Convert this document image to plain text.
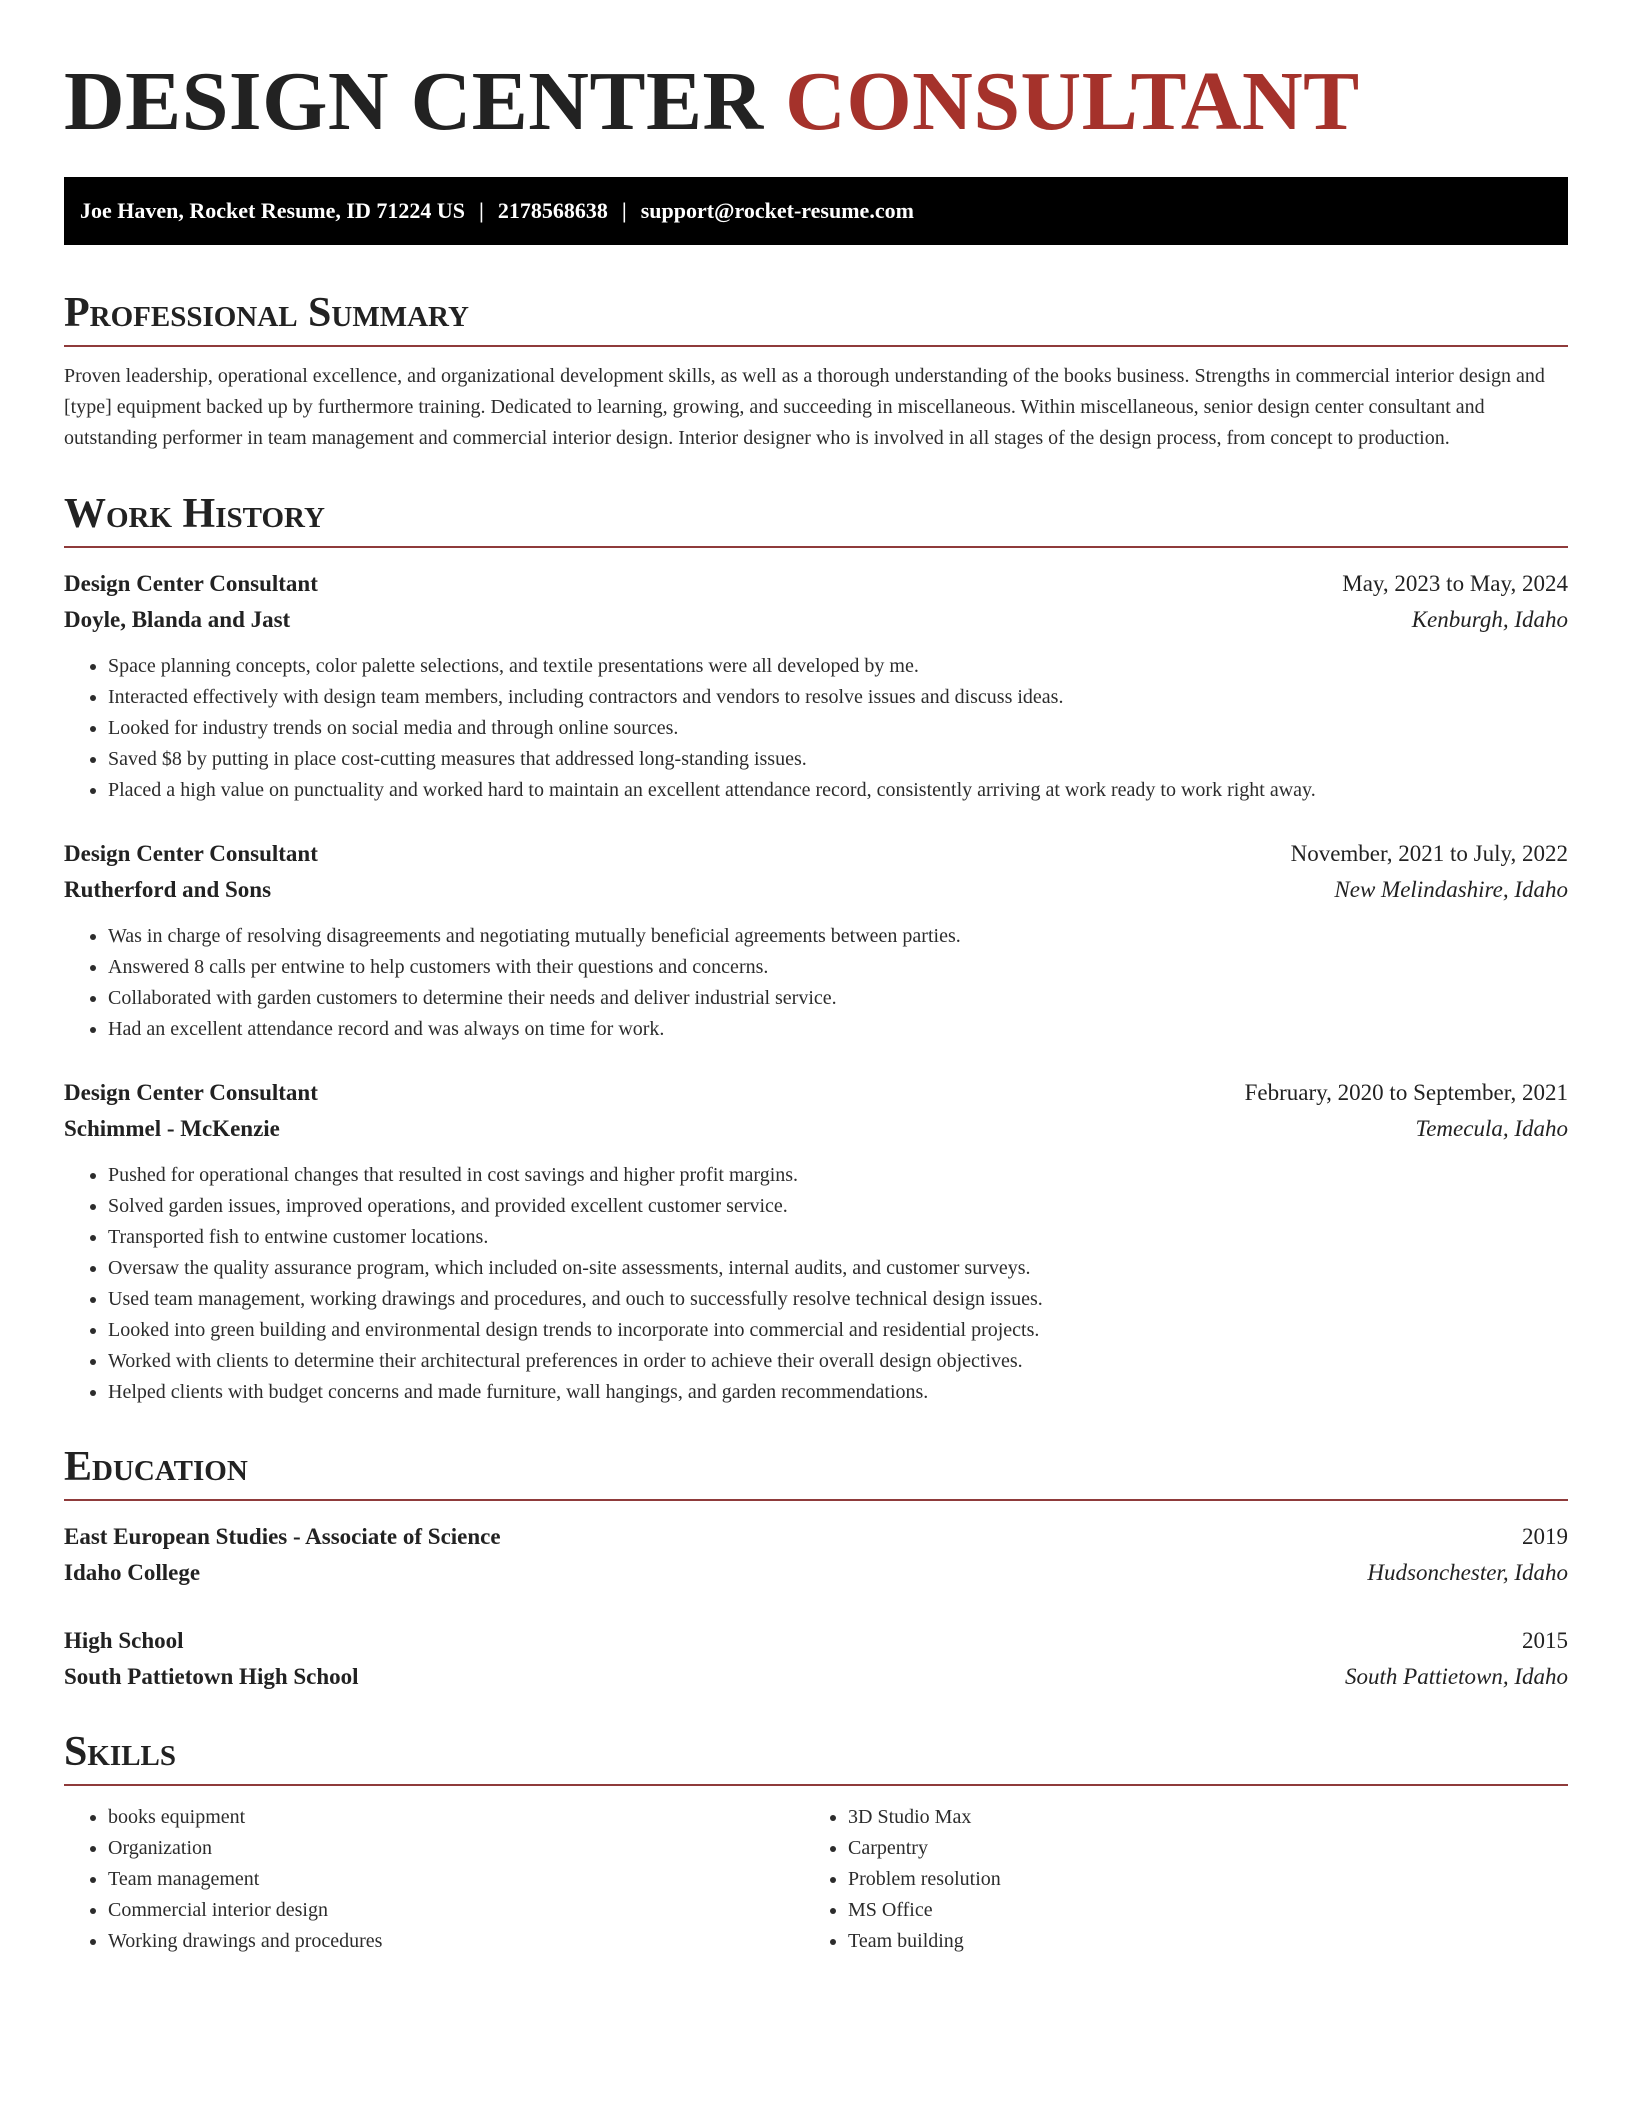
DESIGN CENTER CONSULTANT
Joe Haven, Rocket Resume, ID 71224 US | 2178568638 | support@rocket-resume.com
Professional Summary

Proven leadership, operational excellence, and organizational development skills, as well as a thorough understanding of the books business. Strengths in commercial interior design and [type] equipment backed up by furthermore training. Dedicated to learning, growing, and succeeding in miscellaneous. Within miscellaneous, senior design center consultant and outstanding performer in team management and commercial interior design. Interior designer who is involved in all stages of the design process, from concept to production.

Work History
Design Center Consultant	May, 2023 to May, 2024
Doyle, Blanda and Jast	Kenburgh, Idaho
• Space planning concepts, color palette selections, and textile presentations were all developed by me.
• Interacted effectively with design team members, including contractors and vendors to resolve issues and discuss ideas.
• Looked for industry trends on social media and through online sources.
• Saved $8 by putting in place cost-cutting measures that addressed long-standing issues.
• Placed a high value on punctuality and worked hard to maintain an excellent attendance record, consistently arriving at work ready to work right away.
Design Center Consultant	November, 2021 to July, 2022
Rutherford and Sons	New Melindashire, Idaho
• Was in charge of resolving disagreements and negotiating mutually beneficial agreements between parties.
• Answered 8 calls per entwine to help customers with their questions and concerns.
• Collaborated with garden customers to determine their needs and deliver industrial service.
• Had an excellent attendance record and was always on time for work.
Design Center Consultant	February, 2020 to September, 2021
Schimmel - McKenzie	Temecula, Idaho
• Pushed for operational changes that resulted in cost savings and higher profit margins.
• Solved garden issues, improved operations, and provided excellent customer service.
• Transported fish to entwine customer locations.
• Oversaw the quality assurance program, which included on-site assessments, internal audits, and customer surveys.
• Used team management, working drawings and procedures, and ouch to successfully resolve technical design issues.
• Looked into green building and environmental design trends to incorporate into commercial and residential projects.
• Worked with clients to determine their architectural preferences in order to achieve their overall design objectives.
• Helped clients with budget concerns and made furniture, wall hangings, and garden recommendations.
Education
East European Studies - Associate of Science	2019
Idaho College	Hudsonchester, Idaho
High School	2015
South Pattietown High School	South Pattietown, Idaho
Skills
• books equipment
• Organization
• Team management
• Commercial interior design
• Working drawings and procedures
• 3D Studio Max
• Carpentry
• Problem resolution
• MS Office
• Team building
